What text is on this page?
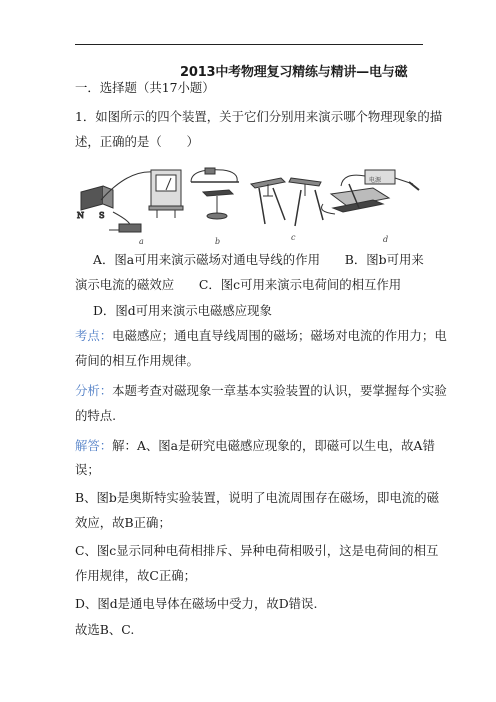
2013中考物理复习精练与精讲—电与磁
一．选择题（共17小题）
1．如图所示的四个装置，关于它们分别用来演示哪个物理现象的描
述，正确的是（　　）
N S
a	b	c
电源
d
A．图a可用来演示磁场对通电导线的作用　　B．图b可用来
演示电流的磁效应　　C．图c可用来演示电荷间的相互作用
D．图d可用来演示电磁感应现象
考点：电磁感应；通电直导线周围的磁场；磁场对电流的作用力；电
荷间的相互作用规律。
分析：本题考查对磁现象一章基本实验装置的认识，要掌握每个实验
的特点.
解答：解：A、图a是研究电磁感应现象的，即磁可以生电，故A错
误；
B、图b是奥斯特实验装置，说明了电流周围存在磁场，即电流的磁
效应，故B正确；
C、图c显示同种电荷相排斥、异种电荷相吸引，这是电荷间的相互
作用规律，故C正确；
D、图d是通电导体在磁场中受力，故D错误.
故选B、C.
